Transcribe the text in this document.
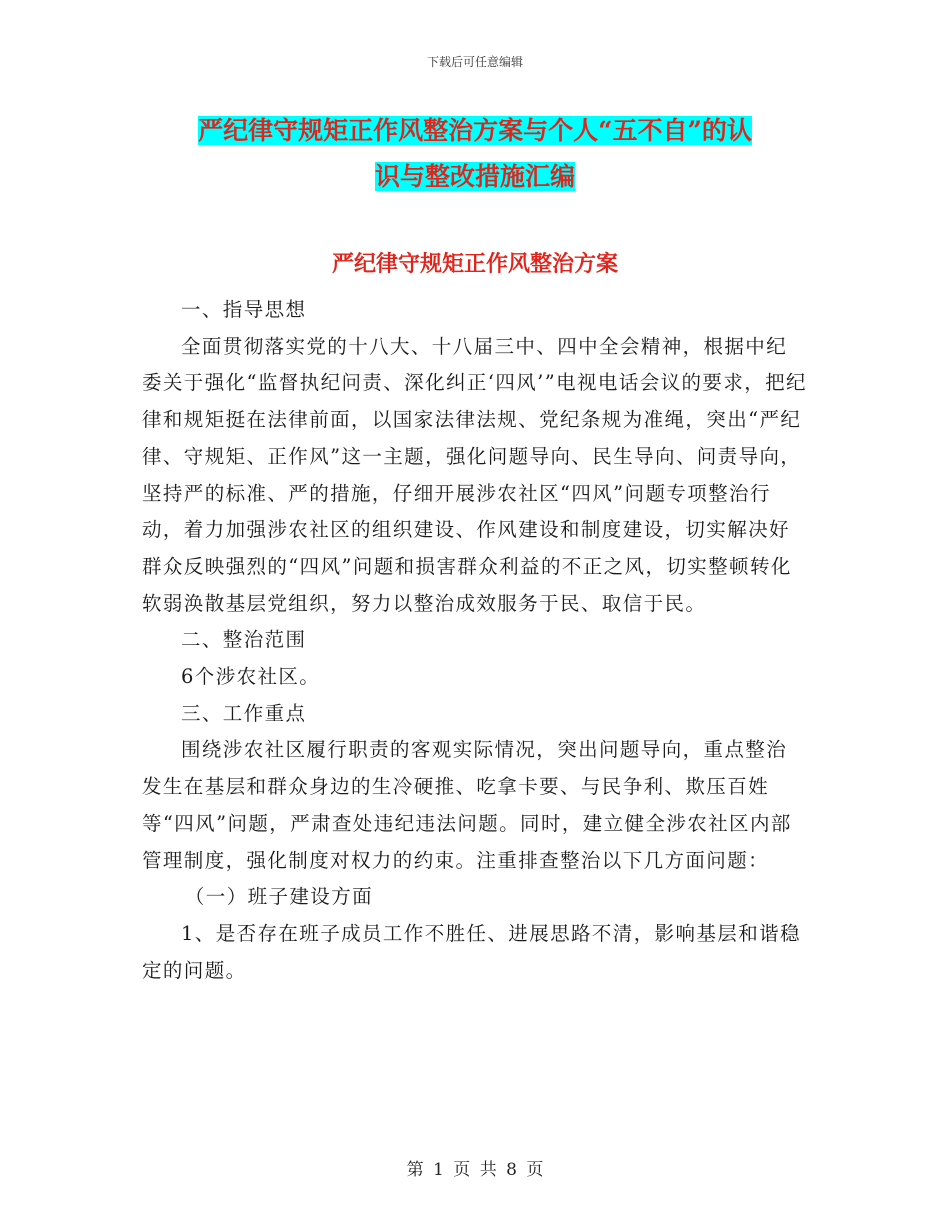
下载后可任意编辑
严纪律守规矩正作风整治方案与个人“五不自”的认
识与整改措施汇编
严纪律守规矩正作风整治方案

一、指导思想

全面贯彻落实党的十八大、十八届三中、四中全会精神，根据中纪委关于强化“监督执纪问责、深化纠正‘四风’”电视电话会议的要求，把纪律和规矩挺在法律前面，以国家法律法规、党纪条规为准绳，突出“严纪律、守规矩、正作风”这一主题，强化问题导向、民生导向、问责导向，坚持严的标准、严的措施，仔细开展涉农社区“四风”问题专项整治行动，着力加强涉农社区的组织建设、作风建设和制度建设，切实解决好群众反映强烈的“四风”问题和损害群众利益的不正之风，切实整顿转化软弱涣散基层党组织，努力以整治成效服务于民、取信于民。

二、整治范围

6个涉农社区。

三、工作重点

围绕涉农社区履行职责的客观实际情况，突出问题导向，重点整治发生在基层和群众身边的生冷硬推、吃拿卡要、与民争利、欺压百姓等“四风”问题，严肃查处违纪违法问题。同时，建立健全涉农社区内部管理制度，强化制度对权力的约束。注重排查整治以下几方面问题：

（一）班子建设方面

1、是否存在班子成员工作不胜任、进展思路不清，影响基层和谐稳定的问题。

第 1 页 共 8 页
